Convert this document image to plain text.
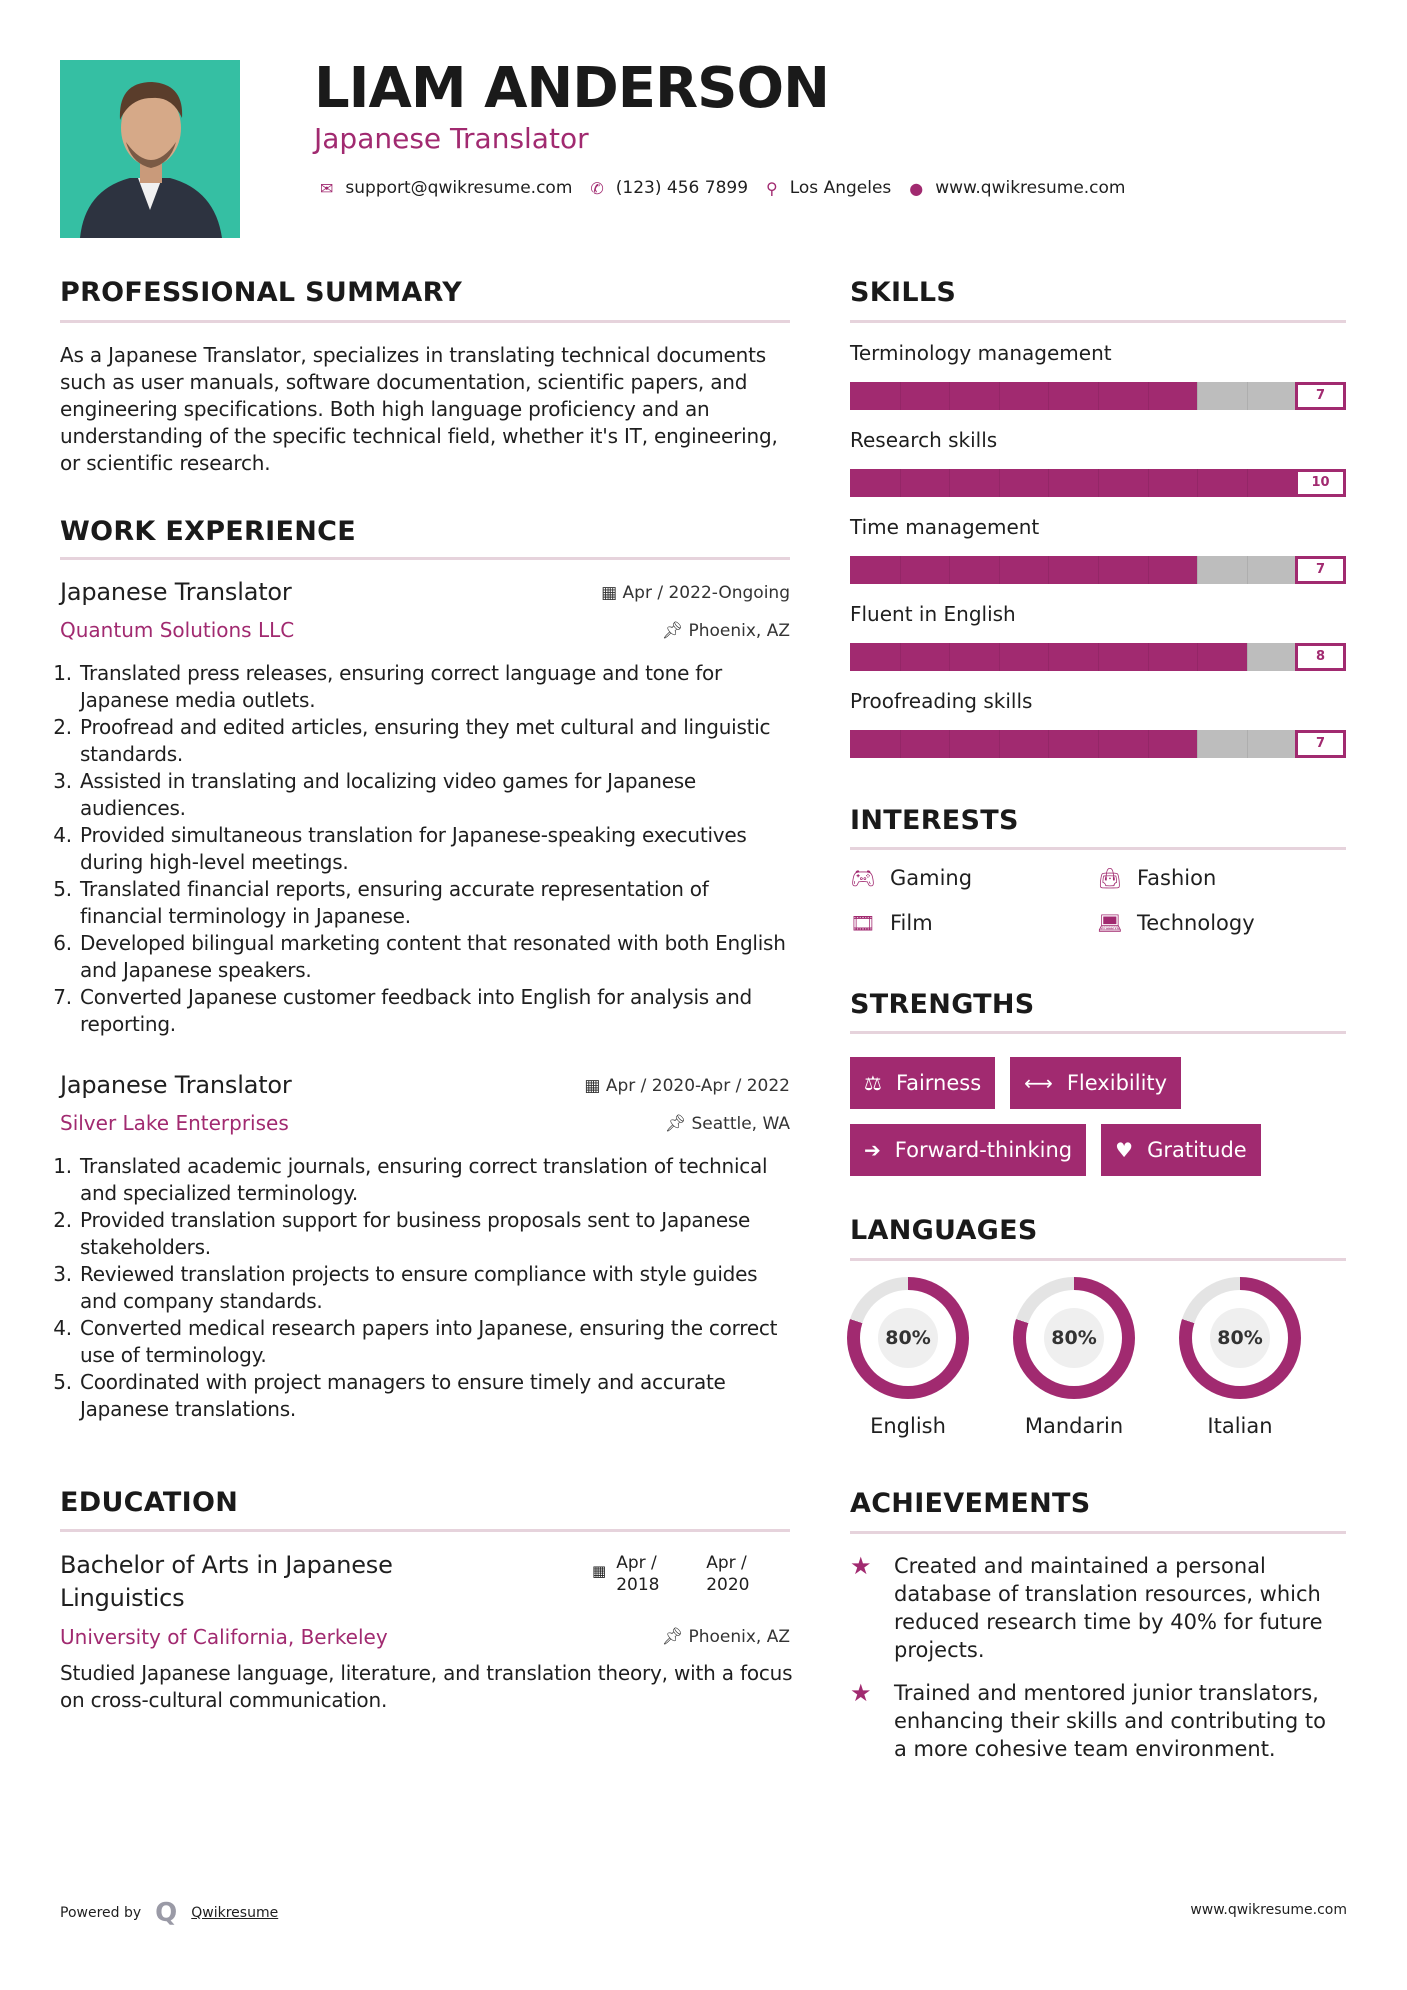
LIAM ANDERSON
Japanese Translator
✉ support@qwikresume.com ✆ (123) 456 7899 ⚲ Los Angeles ● www.qwikresume.com
PROFESSIONAL SUMMARY
As a Japanese Translator, specializes in translating technical documents such as user manuals, software documentation, scientific papers, and engineering specifications. Both high language proficiency and an understanding of the specific technical field, whether it's IT, engineering, or scientific research.
WORK EXPERIENCE
Japanese Translator	▦ Apr / 2022-Ongoing
Quantum Solutions LLC	📌︎ Phoenix, AZ
1. Translated press releases, ensuring correct language and tone for Japanese media outlets.
2. Proofread and edited articles, ensuring they met cultural and linguistic standards.
3. Assisted in translating and localizing video games for Japanese audiences.
4. Provided simultaneous translation for Japanese-speaking executives during high-level meetings.
5. Translated financial reports, ensuring accurate representation of financial terminology in Japanese.
6. Developed bilingual marketing content that resonated with both English and Japanese speakers.
7. Converted Japanese customer feedback into English for analysis and reporting.
Japanese Translator	▦ Apr / 2020-Apr / 2022
Silver Lake Enterprises	📌︎ Seattle, WA
1. Translated academic journals, ensuring correct translation of technical and specialized terminology.
2. Provided translation support for business proposals sent to Japanese stakeholders.
3. Reviewed translation projects to ensure compliance with style guides and company standards.
4. Converted medical research papers into Japanese, ensuring the correct use of terminology.
5. Coordinated with project managers to ensure timely and accurate Japanese translations.
EDUCATION
Bachelor of Arts in Japanese Linguistics
▦ Apr / 2018
Apr / 2020
University of California, Berkeley	📌︎ Phoenix, AZ
Studied Japanese language, literature, and translation theory, with a focus on cross-cultural communication.
SKILLS
Terminology management
7
Research skills
10
Time management
7
Fluent in English
8
Proofreading skills
7
INTERESTS
🎮︎ Gaming	👜︎ Fashion
🎞︎ Film	💻︎ Technology
STRENGTHS
⚖ Fairness ⟷ Flexibility
➔ Forward-thinking ♥ Gratitude
LANGUAGES
80%
English
80%
Mandarin
80%
Italian
ACHIEVEMENTS
★	Created and maintained a personal database of translation resources, which reduced research time by 40% for future projects.
★	Trained and mentored junior translators, enhancing their skills and contributing to a more cohesive team environment.
Powered by Q Qwikresume	www.qwikresume.com
